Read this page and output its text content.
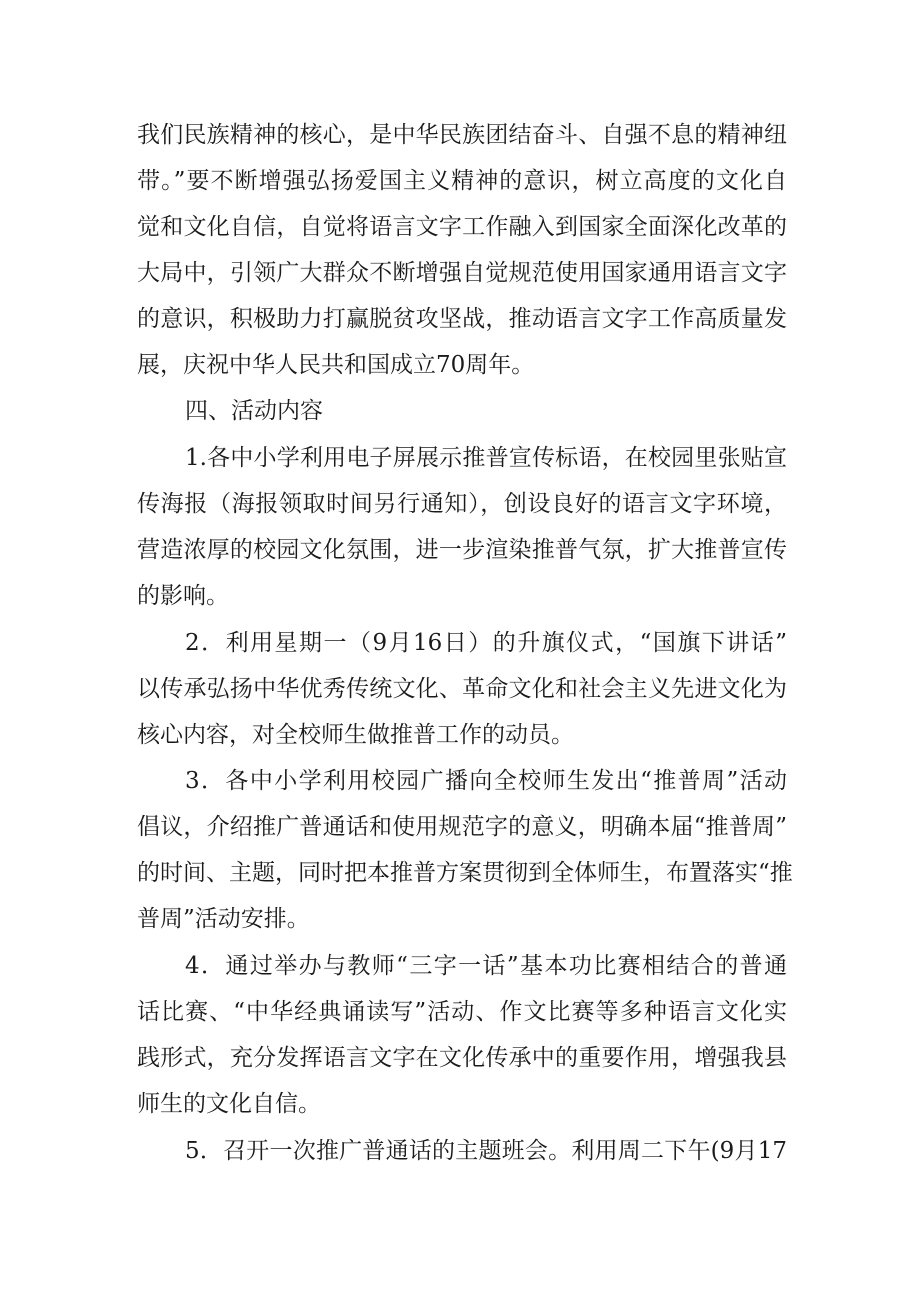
我们民族精神的核心，是中华民族团结奋斗、自强不息的精神纽
带。”要不断增强弘扬爱国主义精神的意识，树立高度的文化自
觉和文化自信，自觉将语言文字工作融入到国家全面深化改革的
大局中，引领广大群众不断增强自觉规范使用国家通用语言文字
的意识，积极助力打赢脱贫攻坚战，推动语言文字工作高质量发
展，庆祝中华人民共和国成立70周年。
四、活动内容
1.各中小学利用电子屏展示推普宣传标语，在校园里张贴宣
传海报（海报领取时间另行通知），创设良好的语言文字环境，
营造浓厚的校园文化氛围，进一步渲染推普气氛，扩大推普宣传
的影响。
2．利用星期一（9月16日）的升旗仪式，“国旗下讲话”
以传承弘扬中华优秀传统文化、革命文化和社会主义先进文化为
核心内容，对全校师生做推普工作的动员。
3．各中小学利用校园广播向全校师生发出“推普周”活动
倡议，介绍推广普通话和使用规范字的意义，明确本届“推普周”
的时间、主题，同时把本推普方案贯彻到全体师生，布置落实“推
普周”活动安排。
4．通过举办与教师“三字一话”基本功比赛相结合的普通
话比赛、“中华经典诵读写”活动、作文比赛等多种语言文化实
践形式，充分发挥语言文字在文化传承中的重要作用，增强我县
师生的文化自信。
5．召开一次推广普通话的主题班会。利用周二下午(9月17
